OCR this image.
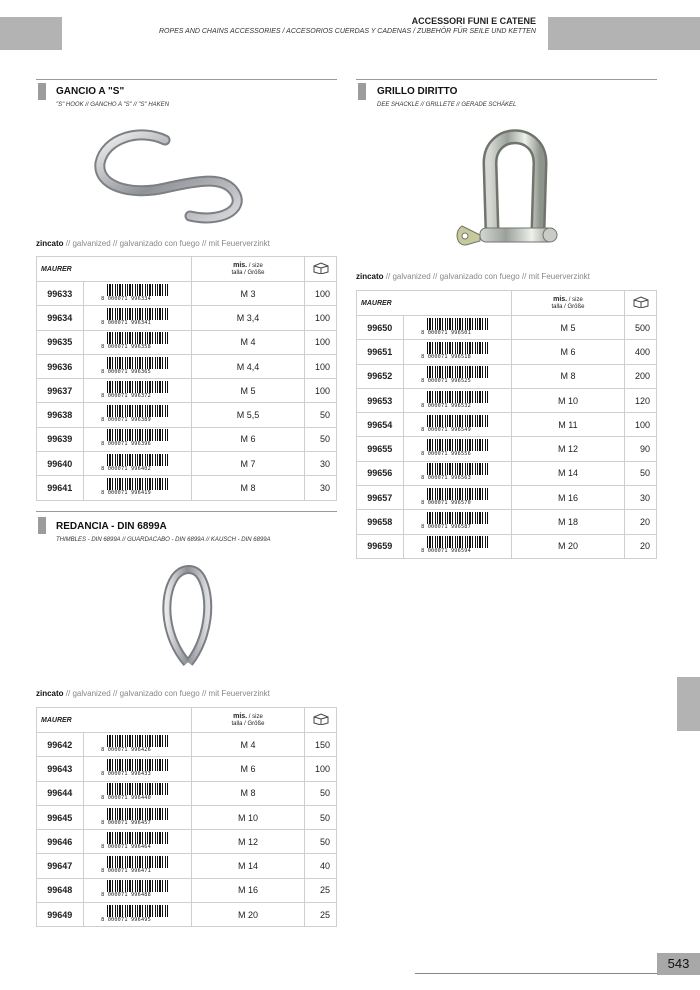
ACCESSORI FUNI E CATENE
ROPES AND CHAINS ACCESSORIES / ACCESORIOS CUERDAS Y CADENAS / ZUBEHÖR FÜR SEILE UND KETTEN
GANCIO A "S"
"S" HOOK // GANCHO A "S" // "S" HAKEN
zincato // galvanized // galvanizado con fuego // mit Feuerverzinkt
MAURER		mis. / size
talla / Größe	
99633	8 000071 996334	M 3	100
99634	8 000071 996341	M 3,4	100
99635	8 000071 996358	M 4	100
99636	8 000071 996365	M 4,4	100
99637	8 000071 996372	M 5	100
99638	8 000071 996389	M 5,5	50
99639	8 000071 996396	M 6	50
99640	8 000071 996402	M 7	30
99641	8 000071 996419	M 8	30
REDANCIA - DIN 6899A
THIMBLES - DIN 6899A // GUARDACABO - DIN 6899A // KAUSCH - DIN 6899A
zincato // galvanized // galvanizado con fuego // mit Feuerverzinkt
MAURER		mis. / size
talla / Größe	
99642	8 000071 996426	M 4	150
99643	8 000071 996433	M 6	100
99644	8 000071 996440	M 8	50
99645	8 000071 996457	M 10	50
99646	8 000071 996464	M 12	50
99647	8 000071 996471	M 14	40
99648	8 000071 996488	M 16	25
99649	8 000071 996495	M 20	25
GRILLO DIRITTO
DEE SHACKLE // GRILLETE // GERADE SCHÄKEL
zincato // galvanized // galvanizado con fuego // mit Feuerverzinkt
MAURER		mis. / size
talla / Größe	
99650	8 000071 996501	M 5	500
99651	8 000071 996518	M 6	400
99652	8 000071 996525	M 8	200
99653	8 000071 996532	M 10	120
99654	8 000071 996549	M 11	100
99655	8 000071 996556	M 12	90
99656	8 000071 996563	M 14	50
99657	8 000071 996570	M 16	30
99658	8 000071 996587	M 18	20
99659	8 000071 996594	M 20	20
543
